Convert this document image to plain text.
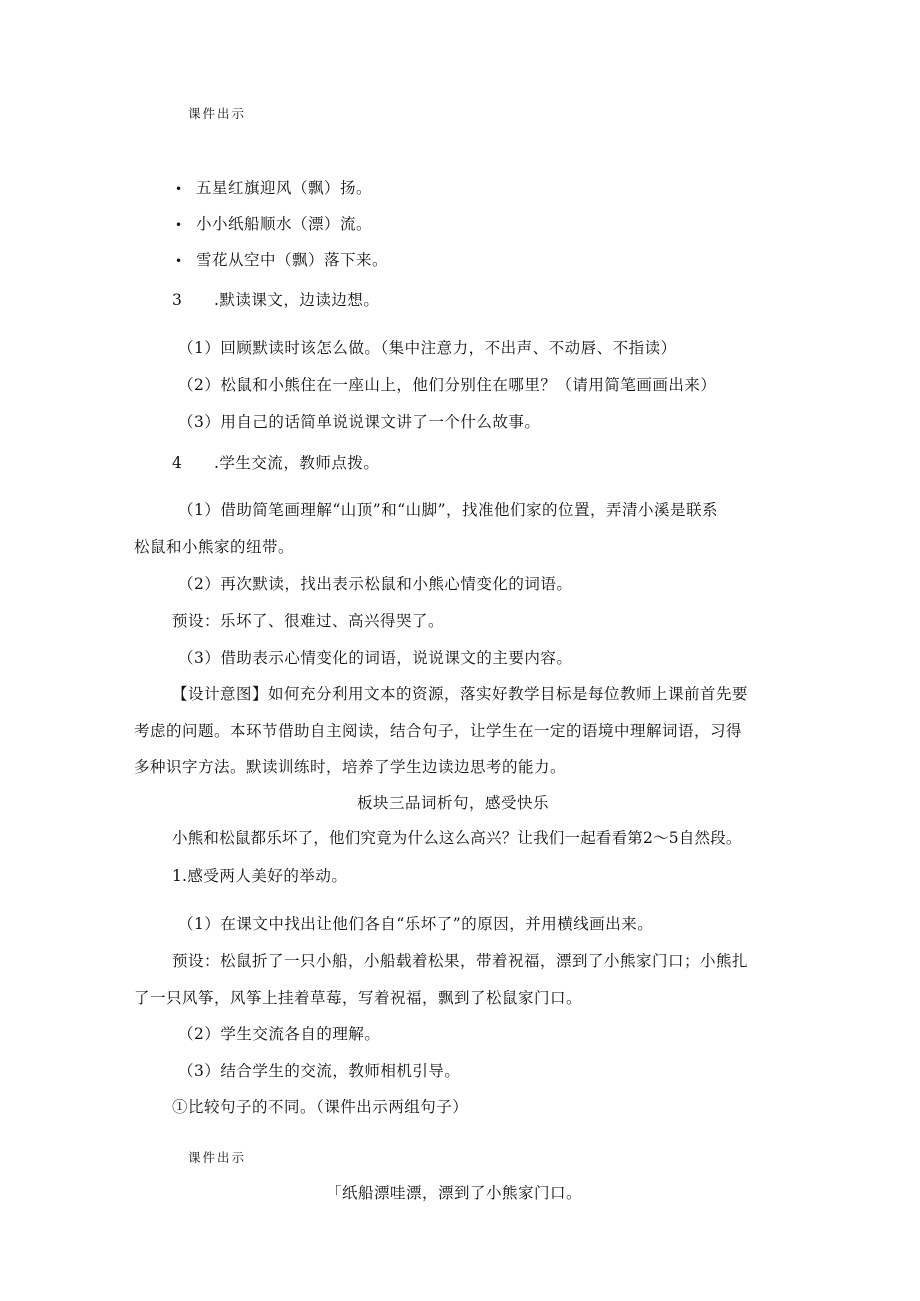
课件出示
• 五星红旗迎风（飘）扬。
• 小小纸船顺水（漂）流。
• 雪花从空中（飘）落下来。
3 .默读课文，边读边想。
（1）回顾默读时该怎么做。（集中注意力，不出声、不动唇、不指读）
（2）松鼠和小熊住在一座山上，他们分别住在哪里？（请用简笔画画出来）
（3）用自己的话简单说说课文讲了一个什么故事。
4 .学生交流，教师点拨。
（1）借助简笔画理解“山顶”和“山脚”，找准他们家的位置，弄清小溪是联系
松鼠和小熊家的纽带。
（2）再次默读，找出表示松鼠和小熊心情变化的词语。
预设：乐坏了、很难过、高兴得哭了。
（3）借助表示心情变化的词语，说说课文的主要内容。
【设计意图】如何充分利用文本的资源，落实好教学目标是每位教师上课前首先要
考虑的问题。本环节借助自主阅读，结合句子，让学生在一定的语境中理解词语，习得
多种识字方法。默读训练时，培养了学生边读边思考的能力。
板块三品词析句，感受快乐
小熊和松鼠都乐坏了，他们究竟为什么这么高兴？让我们一起看看第2～5自然段。
1 .感受两人美好的举动。
（1）在课文中找出让他们各自“乐坏了”的原因，并用横线画出来。
预设：松鼠折了一只小船，小船载着松果，带着祝福，漂到了小熊家门口；小熊扎
了一只风筝，风筝上挂着草莓，写着祝福，飘到了松鼠家门口。
（2）学生交流各自的理解。
（3）结合学生的交流，教师相机引导。
①比较句子的不同。（课件出示两组句子）
课件出示
「纸船漂哇漂，漂到了小熊家门口。
